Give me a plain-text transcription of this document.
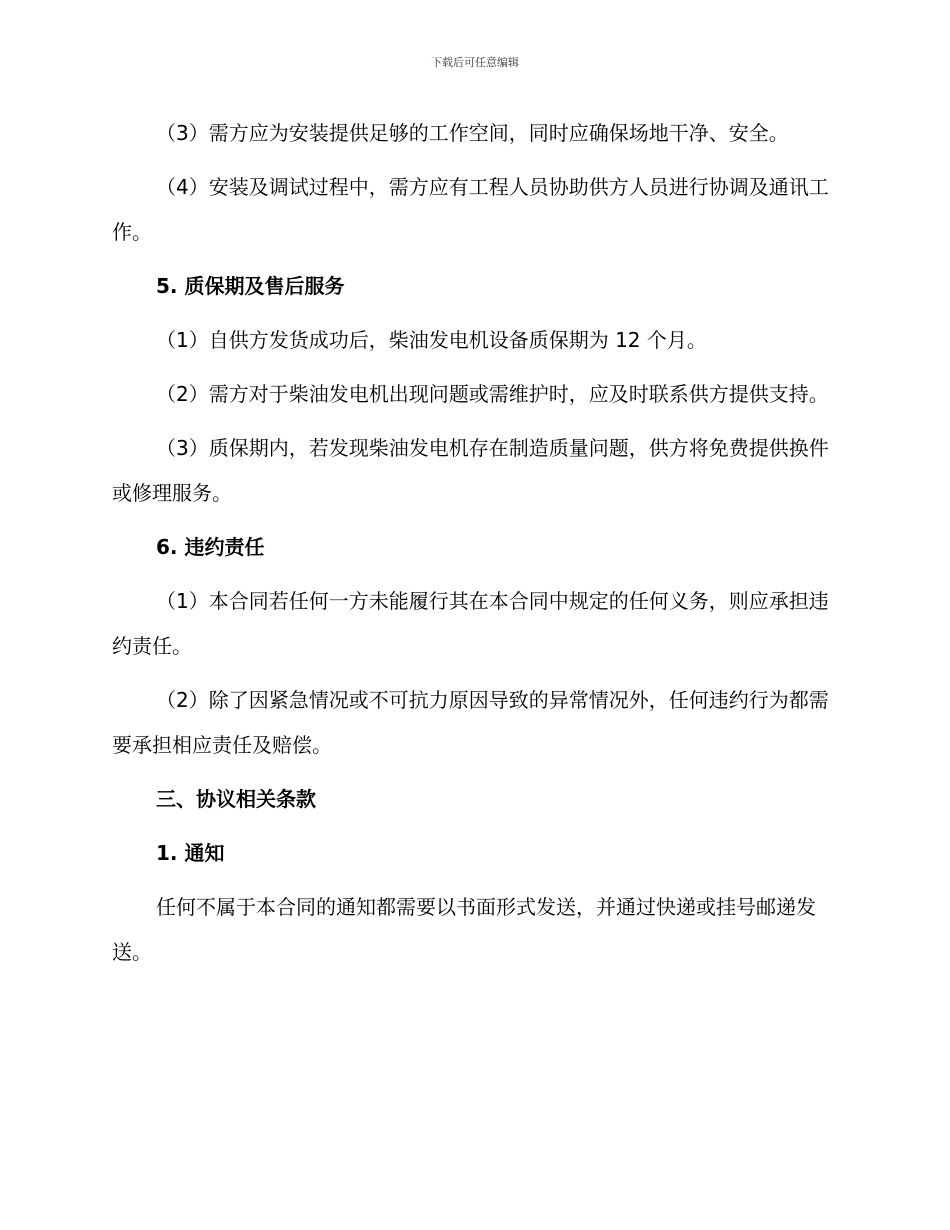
下载后可任意编辑

（3）需方应为安装提供足够的工作空间，同时应确保场地干净、安全。

（4）安装及调试过程中，需方应有工程人员协助供方人员进行协调及通讯工作。

5. 质保期及售后服务

（1）自供方发货成功后，柴油发电机设备质保期为 12 个月。

（2）需方对于柴油发电机出现问题或需维护时，应及时联系供方提供支持。

（3）质保期内，若发现柴油发电机存在制造质量问题，供方将免费提供换件或修理服务。

6. 违约责任

（1）本合同若任何一方未能履行其在本合同中规定的任何义务，则应承担违约责任。

（2）除了因紧急情况或不可抗力原因导致的异常情况外，任何违约行为都需要承担相应责任及赔偿。

三、协议相关条款

1. 通知

任何不属于本合同的通知都需要以书面形式发送，并通过快递或挂号邮递发送。
